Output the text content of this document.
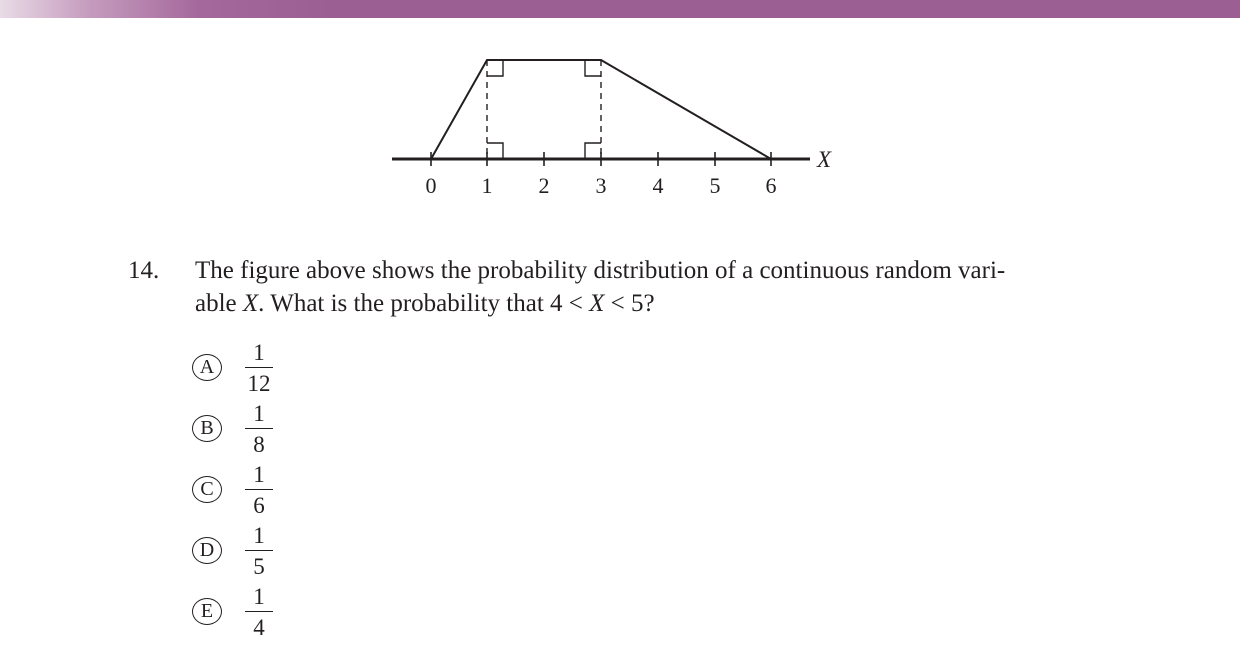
0 1 2 3 4 5 6
X
14. The figure above shows the probability distribution of a continuous random vari-
able X. What is the probability that 4 < X < 5?
A
1
12
B
1
8
C
1
6
D
1
5
E
1
4
